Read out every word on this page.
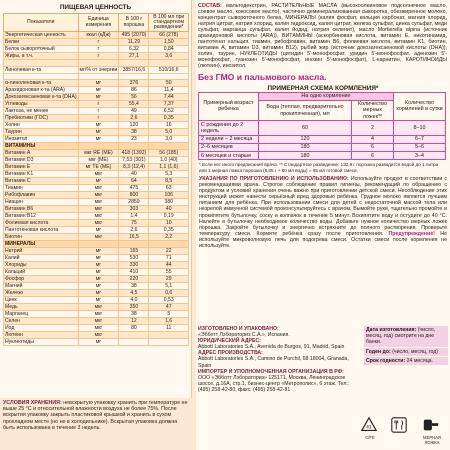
ПИЩЕВАЯ ЦЕННОСТЬ
Показатели	Единица измерения	В 100 г порошка	В 100 мл при стандартном разведении*
Энергетическая ценность	ккал (кДж)	495 (2070)	66 (278)
Белки	г	11,29	1,50
Белок сывороточный	г	6,32	0,84
Жиры, в т.ч.	г	27,1	3,6

Линолевая к-та	мг/% от энергии	3857/16,6	510/16,6

α-линоленовая к-та	мг	376	50
Арахидоновая к-та (ARA)	мг	86	11,4
Докозагексаеновая к-та (DHA)	мг	56	7,44
Углеводы	г	55,4	7,37
Лактоза, не менее	г	49	6,52
Пребиотики (ГОС)	г	2,6	0,35
Холин	мг	120	16
Таурин	мг	38	5,0
Инозитол	мг	23	3,0
ВИТАМИНЫ			
Витамин A	мкг RE (ME)	418 (1392)	56 (185)
Витамин D3	мкг (ME)	7,53 (301)	1,0 (40)
Витамин E	мг TE (ME)	8,3 (12,4)	1,1 (1,6)
Витамин K1	мкг	40	5,3
Витамин C	мг	64	8,5
Тиамин	мкг	475	63
Рибофлавин	мкг	800	106
Ниацин	мкг	2859	380
Витамин B6	мкг	303	40
Витамин B12	мкг	1,4	0,19
Фолиевая кислота	мкг	75	10
Пантотеновая кислота	мг	2,6	0,35
Биотин	мкг	16,5	2,2
МИНЕРАЛЫ			
Натрий	мг	165	22
Калий	мг	530	71
Хлориды	мг	330	44
Кальций	мг	410	55
Фосфор	мг	220	29
Магний	мг	38	5,1
Железо	мг	4,5	0,6
Цинк	мг	4,0	0,53
Медь	мкг	350	47
Марганец	мкг	38	5
Селен	мкг	12	1,6
Йод	мкг	80	11
Лютеин	мкг		
Нуклеотиды	мг		
УСЛОВИЯ ХРАНЕНИЯ: невскрытую упаковку хранить при температуре не выше 25 °C и относительной влажности воздуха не более 75%. После вскрытия упаковку закрыть пластиковой крышкой и хранить в сухом прохладном месте (но не в холодильнике). Вскрытая упаковка должна быть использована в течение 3 недель.
СОСТАВ: мальтодекстрин, РАСТИТЕЛЬНЫЕ МАСЛА (высокоолеиновое подсолнечное масло, соевое масло, кокосовое масло), частично деминерализованная сыворотка, обезжиренное молоко, концентрат сывороточного белка, МИНЕРАЛЫ (калия фосфат, кальция карбонат, магния хлорид, натрия цитрат, натрия хлорид, калия гидроксид, калия цитрат, железа сульфат, цинка сульфат, меди сульфат, марганца сульфат, калия йодид, натрия селенит), масло Mortierella alpina (источник арахидоновой кислоты (ARA)), ВИТАМИНЫ (аскорбиновая кислота, витамин E, никотинамид, пантотенат кальция, тиамин, рибофлавин, витамин B6, фолиевая кислота, витамин K1, биотин, витамин A, витамин D3, витамин B12), рыбий жир (источник докозагексаеновой кислоты (DHA)), холин, таурин, НУКЛЕОТИДЫ (цитидин 5'-монофосфат, уридин 5'-монофосфат, аденозин 5'-монофосфат, гуанозин 5'-монофосфат, инозин 5'-монофосфат), L-карнитин, КАРОТИНОИДЫ (лютеин), инозитол.
Без ГМО и пальмового масла.
ПРИМЕРНАЯ СХЕМА КОРМЛЕНИЯ*
Примерный возраст ребенка	На одно кормление		Количество кормлений в сутки
	Вода (теплая, предварительно прокипяченная), мл	Количество мерных ложек**	
С рождения до 2 недель	60	2	8–10
2 недели – 2 месяца	120	4	6–7
2–6 месяцев	180	6	5–6
6 месяцев и старше	180	6	3–4
* Если нет иного предписания врача. ** Стандартное разведение: 132,9 г порошка разводится водой до 1 литра или 1 мерная ложка порошка (8,85 г + 60 мл воды) = 65 мл готовой смеси.
УКАЗАНИЯ ПО ПРИГОТОВЛЕНИЮ И ИСПОЛЬЗОВАНИЮ: Используйте продукт в соответствии с рекомендациями врача. Строгое соблюдение правил гигиены, рекомендаций по обращению с продуктом и условий хранения очень важно при приготовлении детской смеси. Несоблюдение этих инструкций может нанести серьёзный вред здоровью ребёнка. Грудное молоко является лучшим питанием для ребёнка. При использовании смеси для детей с недостаточной массой тела или незрелой иммунной системой проконсультируйтесь с врачом. Вымойте руки, тщательно промойте и прокипятите бутылочку, соску и колпачок в течение 5 минут. Вскипятите воду и остудите до 40 °C. Налейте в бутылочку необходимое количество воды. Добавьте нужное количество мерных ложек порошка. Закройте бутылочку и энергично встряхните до полного растворения. Проверьте температуру смеси. Кормите ребёнка сразу после приготовления. Предупреждение! Не используйте микроволновую печь для подогрева смеси. Остатки смеси после кормления не используйте.
ИЗГОТОВЛЕНО И УПАКОВАНО:
«Эбботт Лэбораториз С.А.», Испания.
ЮРИДИЧЕСКИЙ АДРЕС:
Abbott Laboratories S.A., Avenida de Burgos, 91, Madrid, Spain
АДРЕС ПРОИЗВОДСТВА:
Abbott Laboratories S.A., Camino de Purchil, 68 18004, Granada, Spain
ИМПОРТЕР И УПОЛНОМОЧЕННАЯ ОРГАНИЗАЦИЯ В РФ:
ООО «Эбботт Лэбораториз» 125171, Москва, Ленинградское шоссе, д.16А, стр.1, бизнес-центр «Метрополис», 6 этаж. Тел.: (495) 258-42-80, факс: (495) 258-42-81
Дата изготовления: (число, месяц, год) смотрите на дне банки.
Годен до: (число, месяц, год)
Срок годности: 24 месяца.
41
C/FE	МЕРНАЯ ЛОЖКА
